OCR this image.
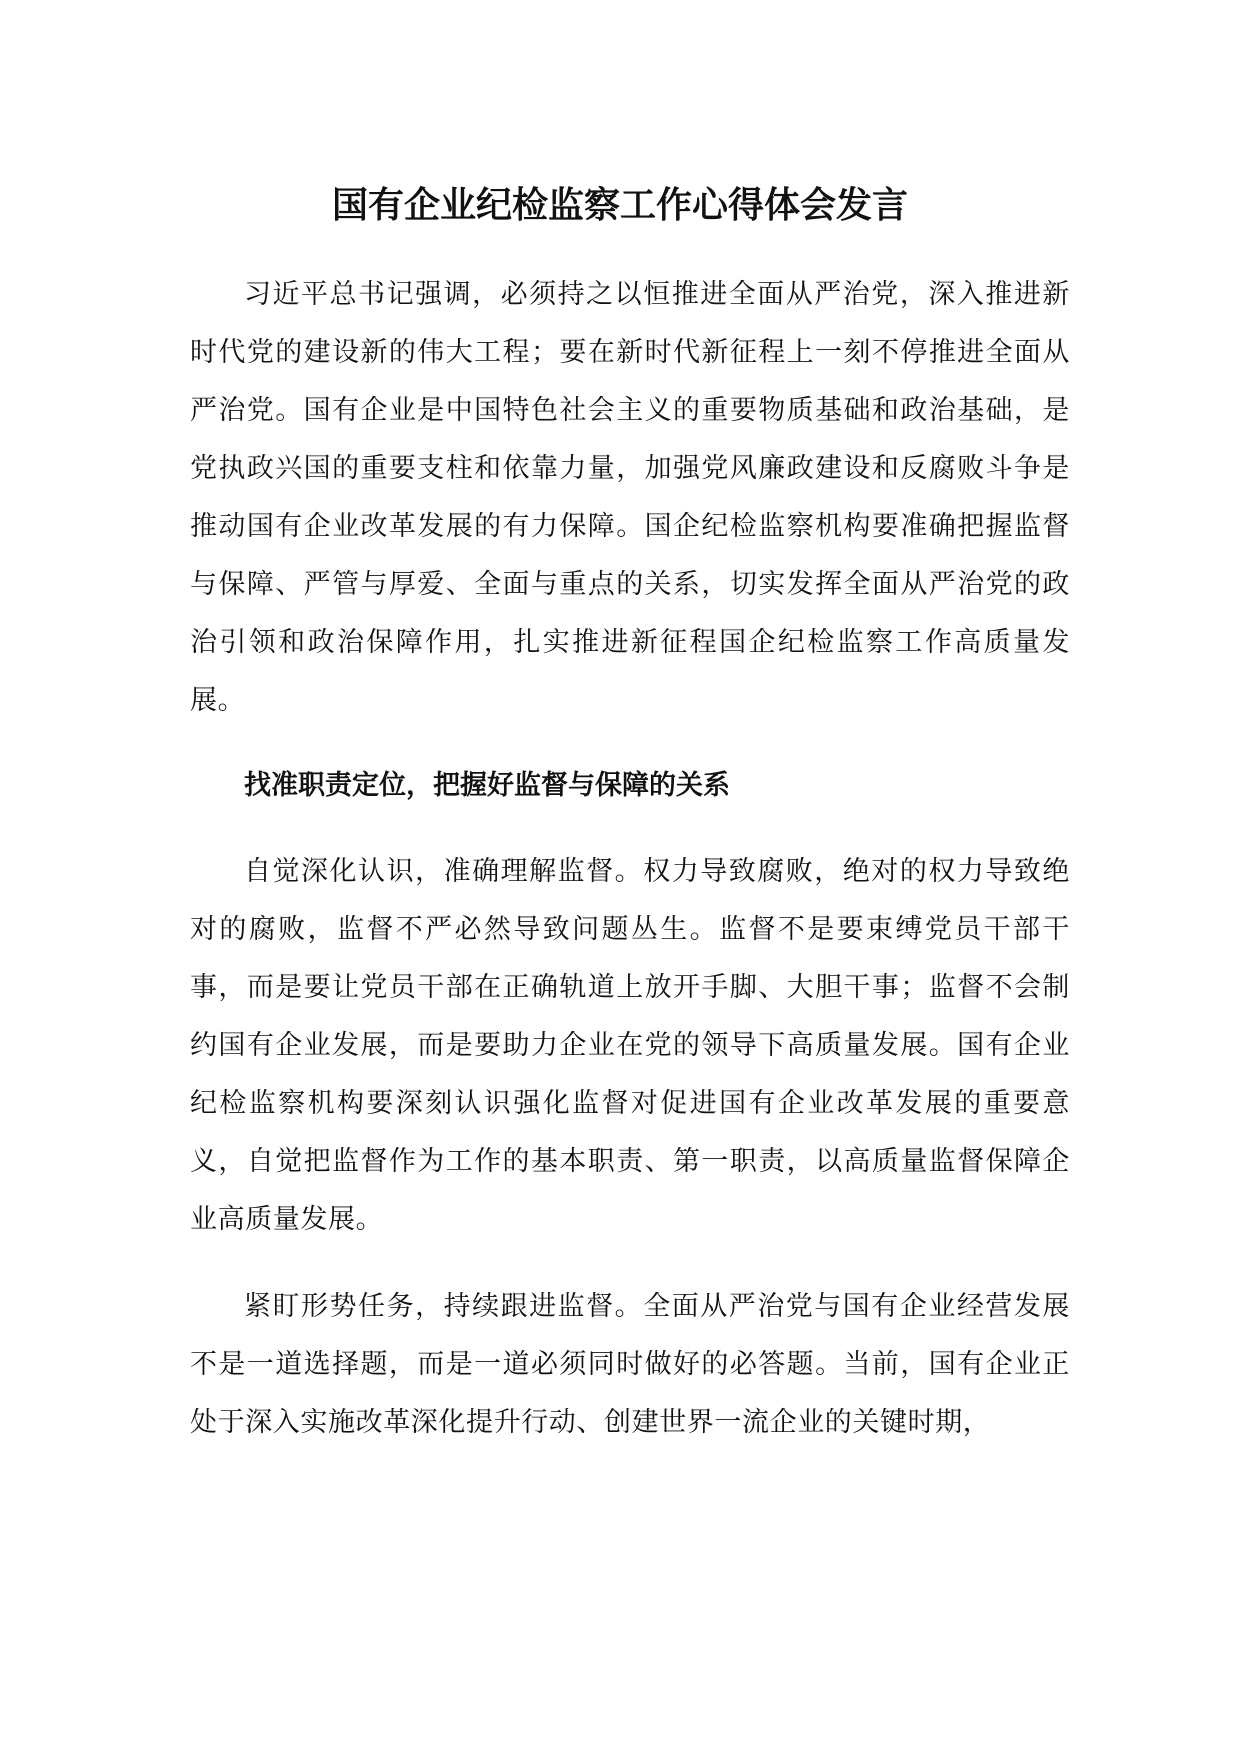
国有企业纪检监察工作心得体会发言

习近平总书记强调，必须持之以恒推进全面从严治党，深入推进新时代党的建设新的伟大工程；要在新时代新征程上一刻不停推进全面从严治党。国有企业是中国特色社会主义的重要物质基础和政治基础，是党执政兴国的重要支柱和依靠力量，加强党风廉政建设和反腐败斗争是推动国有企业改革发展的有力保障。国企纪检监察机构要准确把握监督与保障、严管与厚爱、全面与重点的关系，切实发挥全面从严治党的政治引领和政治保障作用，扎实推进新征程国企纪检监察工作高质量发展。

找准职责定位，把握好监督与保障的关系

自觉深化认识，准确理解监督。权力导致腐败，绝对的权力导致绝对的腐败，监督不严必然导致问题丛生。监督不是要束缚党员干部干事，而是要让党员干部在正确轨道上放开手脚、大胆干事；监督不会制约国有企业发展，而是要助力企业在党的领导下高质量发展。国有企业纪检监察机构要深刻认识强化监督对促进国有企业改革发展的重要意义，自觉把监督作为工作的基本职责、第一职责，以高质量监督保障企业高质量发展。

紧盯形势任务，持续跟进监督。全面从严治党与国有企业经营发展不是一道选择题，而是一道必须同时做好的必答题。当前，国有企业正处于深入实施改革深化提升行动、创建世界一流企业的关键时期，
